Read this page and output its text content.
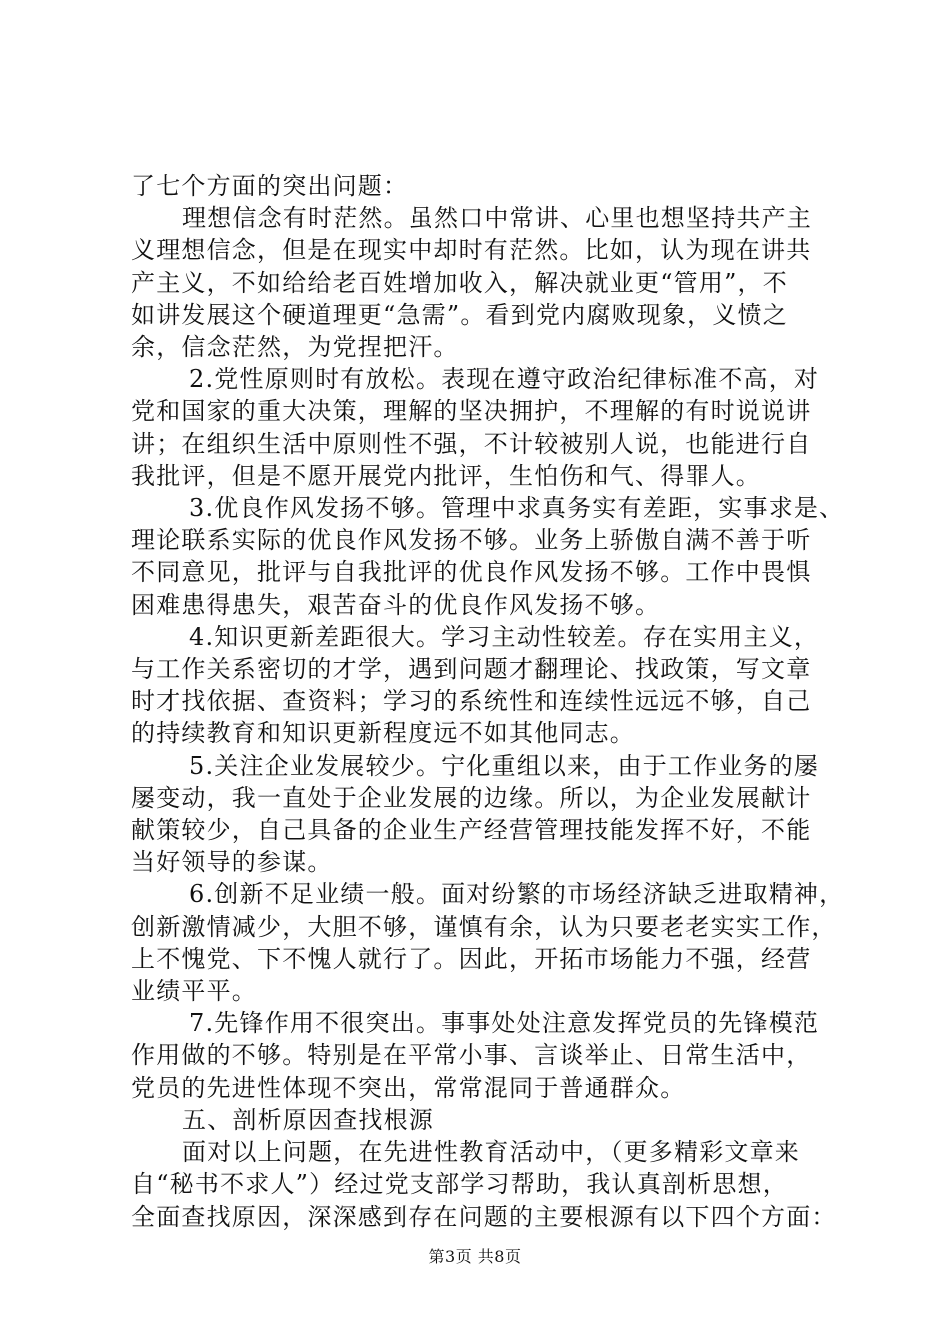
了七个方面的突出问题：
理想信念有时茫然。虽然口中常讲、心里也想坚持共产主
义理想信念，但是在现实中却时有茫然。比如，认为现在讲共
产主义，不如给给老百姓增加收入，解决就业更“管用”，不
如讲发展这个硬道理更“急需”。看到党内腐败现象，义愤之
余，信念茫然，为党捏把汗。
2.党性原则时有放松。表现在遵守政治纪律标准不高，对
党和国家的重大决策，理解的坚决拥护，不理解的有时说说讲
讲；在组织生活中原则性不强，不计较被别人说，也能进行自
我批评，但是不愿开展党内批评，生怕伤和气、得罪人。
3.优良作风发扬不够。管理中求真务实有差距，实事求是、
理论联系实际的优良作风发扬不够。业务上骄傲自满不善于听
不同意见，批评与自我批评的优良作风发扬不够。工作中畏惧
困难患得患失，艰苦奋斗的优良作风发扬不够。
4.知识更新差距很大。学习主动性较差。存在实用主义，
与工作关系密切的才学，遇到问题才翻理论、找政策，写文章
时才找依据、查资料；学习的系统性和连续性远远不够，自己
的持续教育和知识更新程度远不如其他同志。
5.关注企业发展较少。宁化重组以来，由于工作业务的屡
屡变动，我一直处于企业发展的边缘。所以，为企业发展献计
献策较少，自己具备的企业生产经营管理技能发挥不好，不能
当好领导的参谋。
6.创新不足业绩一般。面对纷繁的市场经济缺乏进取精神，
创新激情减少，大胆不够，谨慎有余，认为只要老老实实工作，
上不愧党、下不愧人就行了。因此，开拓市场能力不强，经营
业绩平平。
7.先锋作用不很突出。事事处处注意发挥党员的先锋模范
作用做的不够。特别是在平常小事、言谈举止、日常生活中，
党员的先进性体现不突出，常常混同于普通群众。
五、剖析原因查找根源
面对以上问题，在先进性教育活动中，（更多精彩文章来
自“秘书不求人”）经过党支部学习帮助，我认真剖析思想，
全面查找原因，深深感到存在问题的主要根源有以下四个方面：
第3页 共8页
